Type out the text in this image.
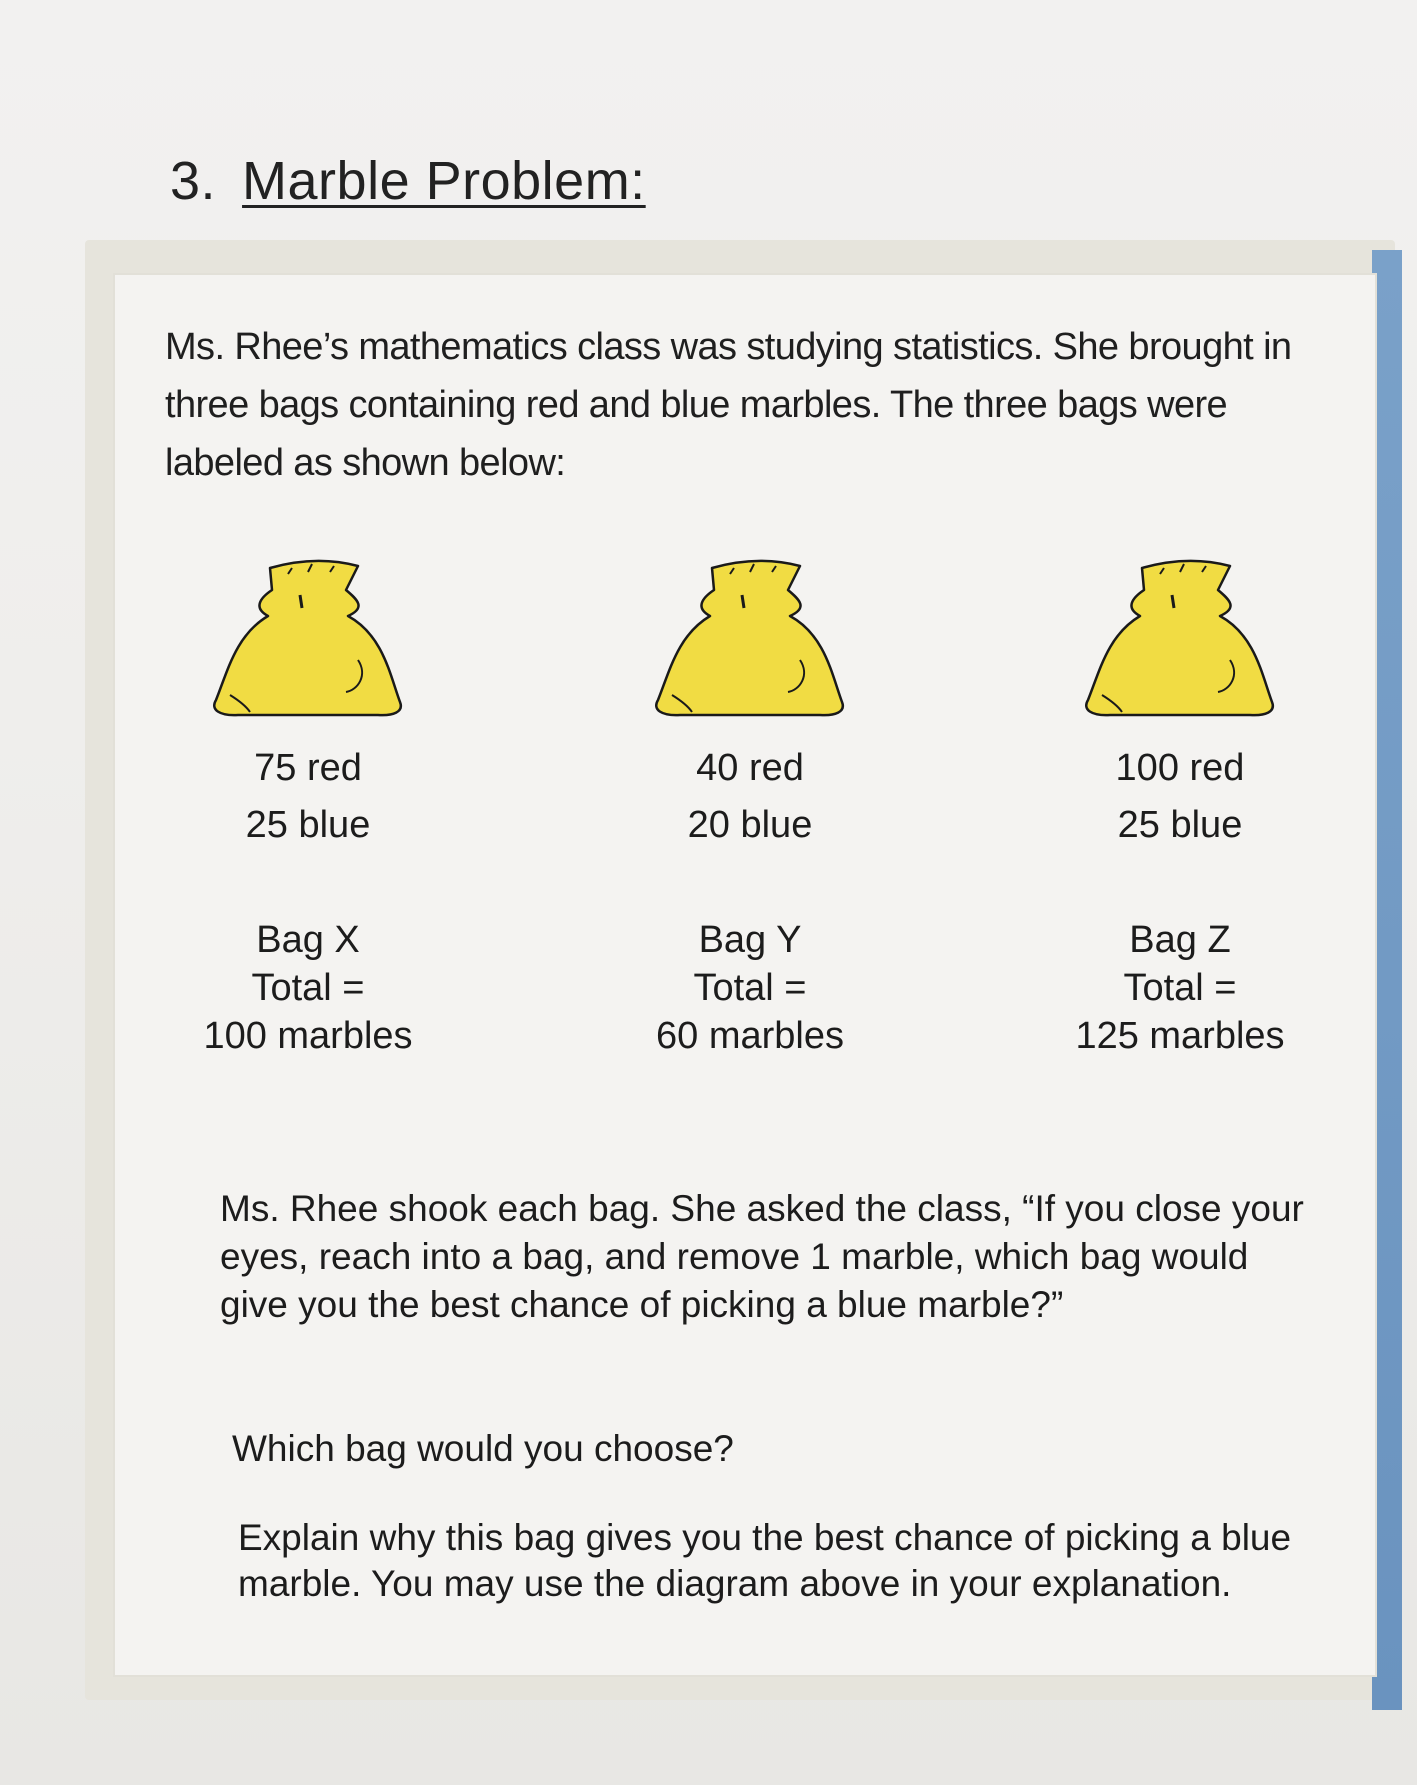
3. Marble Problem:
Ms. Rhee’s mathematics class was studying statistics. She brought in three bags containing red and blue marbles. The three bags were labeled as shown below:
75 red
25 blue
Bag X
Total =
100 marbles
40 red
20 blue
Bag Y
Total =
60 marbles
100 red
25 blue
Bag Z
Total =
125 marbles
Ms. Rhee shook each bag. She asked the class, “If you close your eyes, reach into a bag, and remove 1 marble, which bag would give you the best chance of picking a blue marble?”
Which bag would you choose?
Explain why this bag gives you the best chance of picking a blue marble. You may use the diagram above in your explanation.
